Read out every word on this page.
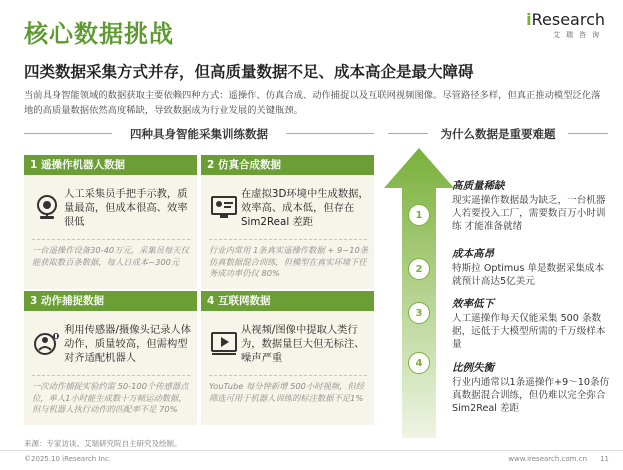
核心数据挑战
iResearch
艾瑞咨询
四类数据采集方式并存，但高质量数据不足、成本高企是最大障碍
当前具身智能领域的数据获取主要依赖四种方式：遥操作、仿真合成、动作捕捉以及互联网视频图像。尽管路径多样，但真正推动模型泛化落地的高质量数据依然高度稀缺，导致数据成为行业发展的关键瓶颈。
四种具身智能采集训练数据	为什么数据是重要难题
1 遥操作机器人数据
人工采集员手把手示教，质量最高，但成本很高、效率很低
一台遥操作设备30-40万元，采集员每天仅能获取数百条数据，每人日成本~300元
2 仿真合成数据
在虚拟3D环境中生成数据，效率高、成本低，但存在 Sim2Real 差距
行业内常用 1条真实遥操作数据 + 9~10条仿真数据混合训练，但模型在真实环境下任务成功率仍仅 80%
3 动作捕捉数据
利用传感器/摄像头记录人体动作，质量较高，但需构型对齐适配机器人
一次动作捕捉实验约需 50-100个传感器点位，单人1小时能生成数十万帧运动数据，但与机器人执行动作的匹配率不足 70%
4 互联网数据
从视频/图像中提取人类行为，数据量巨大但无标注、噪声严重
YouTube 每分钟新增 500小时视频，但经筛选可用于机器人训练的标注数据不足1%
1
2
3
4
高质量稀缺
现实遥操作数据最为缺乏，一台机器人若要投入工厂，需要数百万小时训练 才能准备就绪
成本高昂
特斯拉 Optimus 单是数据采集成本就预计高达5亿美元
效率低下
人工遥操作每天仅能采集 500 条数据，远低于大模型所需的千万级样本量
比例失衡
行业内通常以1条遥操作+9～10条仿真数据混合训练，但仍难以完全弥合Sim2Real 差距
来源：专家访谈、艾瑞研究院自主研究及绘制。
©2025.10 iResearch Inc.	www.iresearch.com.cn 11
